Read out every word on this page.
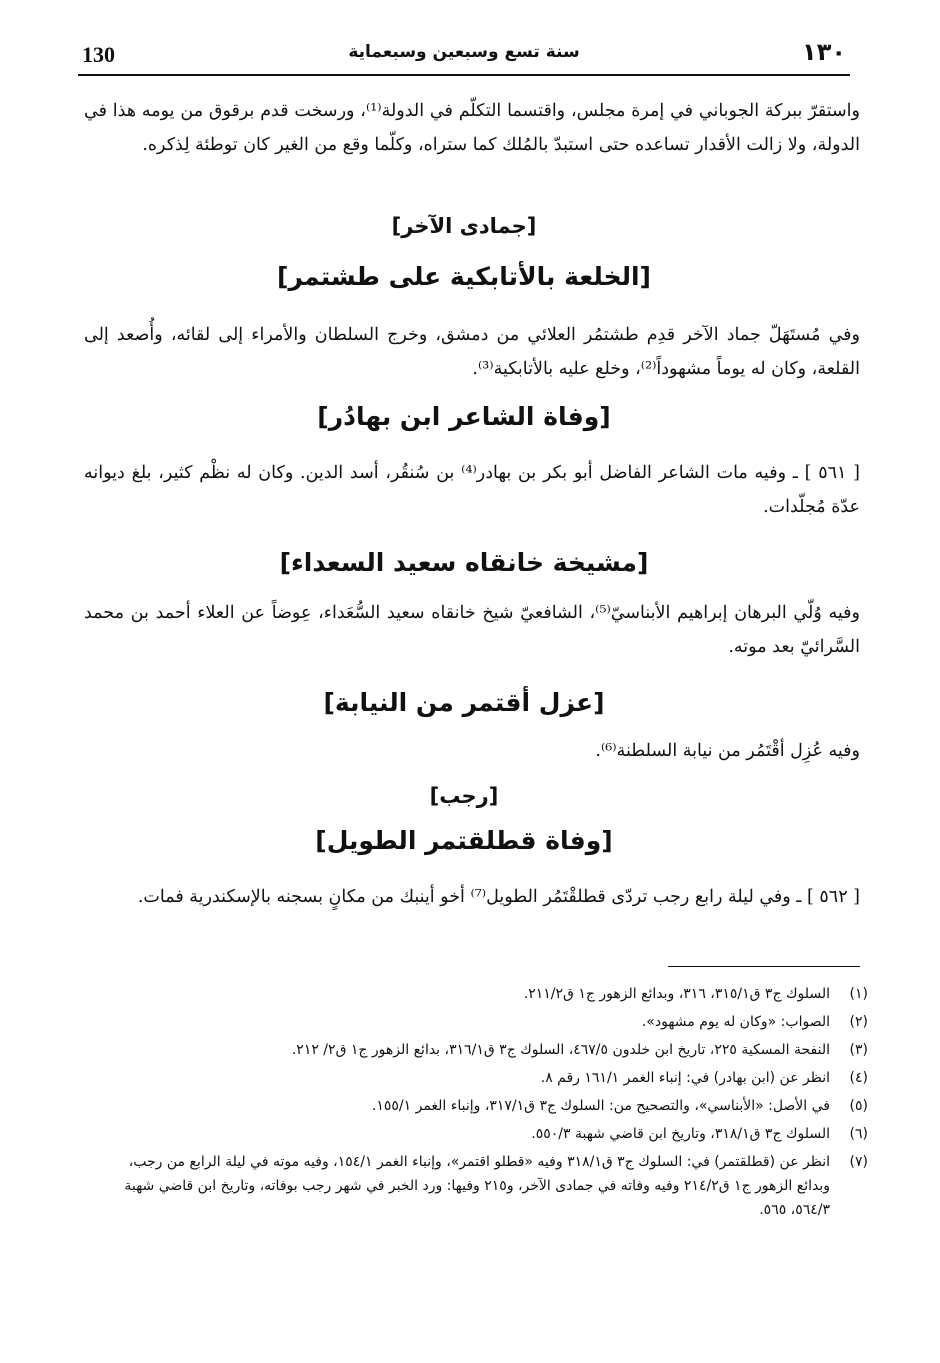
130	سنة تسع وسبعين وسبعماية	١٣٠
واستقرّ ببركة الجوباني في إمرة مجلس، واقتسما التكلّم في الدولة⁽¹⁾، ورسخت قدم برقوق من يومه هذا في الدولة، ولا زالت الأقدار تساعده حتى استبدّ بالمُلك كما ستراه، وكلّما وقع من الغير كان توطئة لِذكره.
[جمادى الآخر]
[الخلعة بالأتابكية على طشتمر]
وفي مُستَهَلّ جماد الآخر قدِم طشتمُر العلائي من دمشق، وخرج السلطان والأمراء إلى لقائه، وأُصعد إلى القلعة، وكان له يوماً مشهوداً⁽²⁾، وخلع عليه بالأتابكية⁽³⁾.
[وفاة الشاعر ابن بهادُر]
[ ٥٦١ ] ـ وفيه مات الشاعر الفاضل أبو بكر بن بهادر⁽⁴⁾ بن سُنقُر، أسد الدين. وكان له نظْم كثير، بلغ ديوانه عدّة مُجلّدات.
[مشيخة خانقاه سعيد السعداء]
وفيه وُلّي البرهان إبراهيم الأبناسيّ⁽⁵⁾، الشافعيّ شيخ خانقاه سعيد السُّعَداء، عِوضاً عن العلاء أحمد بن محمد السَّرائيّ بعد موته.
[عزل أقتمر من النيابة]
وفيه عُزِل أقْتَمُر من نيابة السلطنة⁽⁶⁾.
[رجب]
[وفاة قطلقتمر الطويل]
[ ٥٦٢ ] ـ وفي ليلة رابع رجب تردّى قطلقْتَمُر الطويل⁽⁷⁾ أخو أينبك من مكانٍ بسجنه بالإسكندرية فمات.
(١)
السلوك ج٣ ق٣١٥/١، ٣١٦، وبدائع الزهور ج١ ق٢١١/٢.
(٢)
الصواب: «وكان له يوم مشهود».
(٣)
النفحة المسكية ٢٢٥، تاريخ ابن خلدون ٤٦٧/٥، السلوك ج٣ ق٣١٦/١، بدائع الزهور ج١ ق٢/ ٢١٢.
(٤)
انظر عن (ابن بهادر) في: إنباء الغمر ١٦١/١ رقم ٨.
(٥)
في الأصل: «الأبناسي»، والتصحيح من: السلوك ج٣ ق٣١٧/١، وإنباء الغمر ١٥٥/١.
(٦)
السلوك ج٣ ق٣١٨/١، وتاريخ ابن قاضي شهبة ٥٥٠/٣.
(٧)
انظر عن (قطلقتمر) في: السلوك ج٣ ق٣١٨/١ وفيه «قطلو اقتمر»، وإنباء الغمر ١٥٤/١، وفيه موته في ليلة الرابع من رجب، وبدائع الزهور ج١ ق٢١٤/٢ وفيه وفاته في جمادى الآخر، و٢١٥ وفيها: ورد الخبر في شهر رجب بوفاته، وتاريخ ابن قاضي شهبة ٥٦٤/٣، ٥٦٥.
